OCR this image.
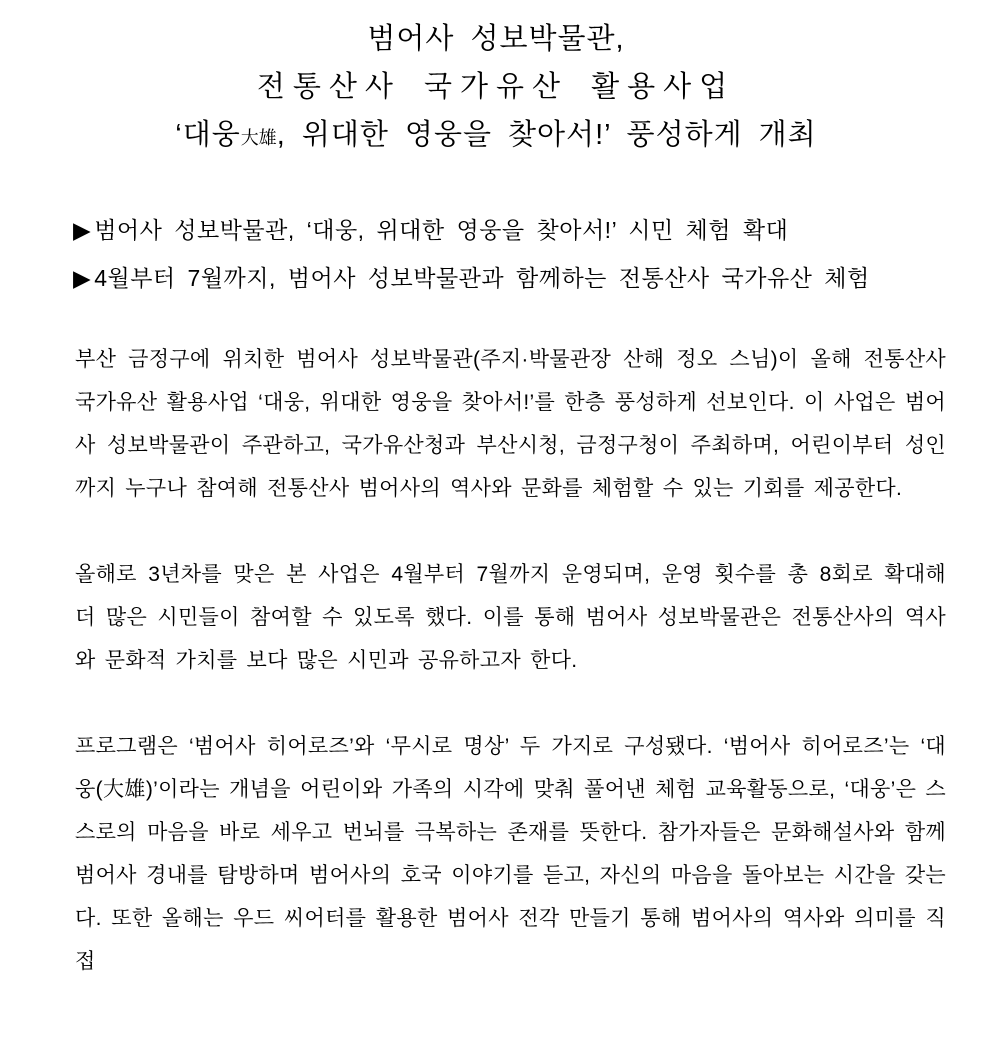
범어사 성보박물관,
전통산사 국가유산 활용사업
‘대웅大雄, 위대한 영웅을 찾아서!’ 풍성하게 개최
▶ 범어사 성보박물관, ‘대웅, 위대한 영웅을 찾아서!’ 시민 체험 확대
▶ 4월부터 7월까지, 범어사 성보박물관과 함께하는 전통산사 국가유산 체험

부산 금정구에 위치한 범어사 성보박물관(주지·박물관장 산해 정오 스님)이 올해 전통산사 국가유산 활용사업 ‘대웅, 위대한 영웅을 찾아서!’를 한층 풍성하게 선보인다. 이 사업은 범어사 성보박물관이 주관하고, 국가유산청과 부산시청, 금정구청이 주최하며, 어린이부터 성인까지 누구나 참여해 전통산사 범어사의 역사와 문화를 체험할 수 있는 기회를 제공한다.

올해로 3년차를 맞은 본 사업은 4월부터 7월까지 운영되며, 운영 횟수를 총 8회로 확대해 더 많은 시민들이 참여할 수 있도록 했다. 이를 통해 범어사 성보박물관은 전통산사의 역사와 문화적 가치를 보다 많은 시민과 공유하고자 한다.

프로그램은 ‘범어사 히어로즈’와 ‘무시로 명상’ 두 가지로 구성됐다. ‘범어사 히어로즈’는 ‘대웅(大雄)’이라는 개념을 어린이와 가족의 시각에 맞춰 풀어낸 체험 교육활동으로, ‘대웅’은 스스로의 마음을 바로 세우고 번뇌를 극복하는 존재를 뜻한다. 참가자들은 문화해설사와 함께 범어사 경내를 탐방하며 범어사의 호국 이야기를 듣고, 자신의 마음을 돌아보는 시간을 갖는다. 또한 올해는 우드 씨어터를 활용한 범어사 전각 만들기 통해 범어사의 역사와 의미를 직접
